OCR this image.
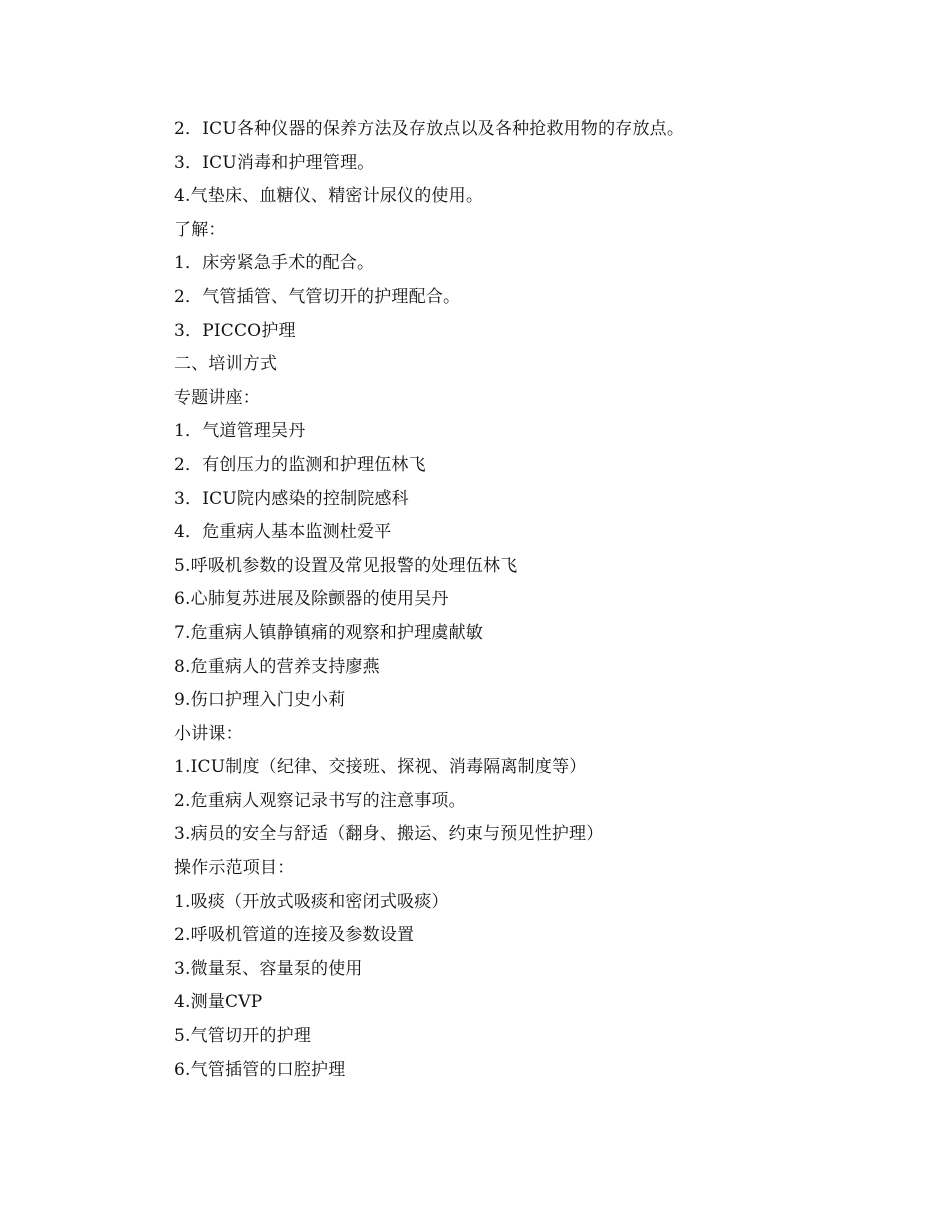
2．ICU各种仪器的保养方法及存放点以及各种抢救用物的存放点。
3．ICU消毒和护理管理。
4.气垫床、血糖仪、精密计尿仪的使用。
了解：
1．床旁紧急手术的配合。
2．气管插管、气管切开的护理配合。
3．PICCO护理
二、培训方式
专题讲座：
1．气道管理吴丹
2．有创压力的监测和护理伍林飞
3．ICU院内感染的控制院感科
4．危重病人基本监测杜爱平
5.呼吸机参数的设置及常见报警的处理伍林飞
6.心肺复苏进展及除颤器的使用吴丹
7.危重病人镇静镇痛的观察和护理虞献敏
8.危重病人的营养支持廖燕
9.伤口护理入门史小莉
小讲课：
1.ICU制度（纪律、交接班、探视、消毒隔离制度等）
2.危重病人观察记录书写的注意事项。
3.病员的安全与舒适（翻身、搬运、约束与预见性护理）
操作示范项目：
1.吸痰（开放式吸痰和密闭式吸痰）
2.呼吸机管道的连接及参数设置
3.微量泵、容量泵的使用
4.测量CVP
5.气管切开的护理
6.气管插管的口腔护理
